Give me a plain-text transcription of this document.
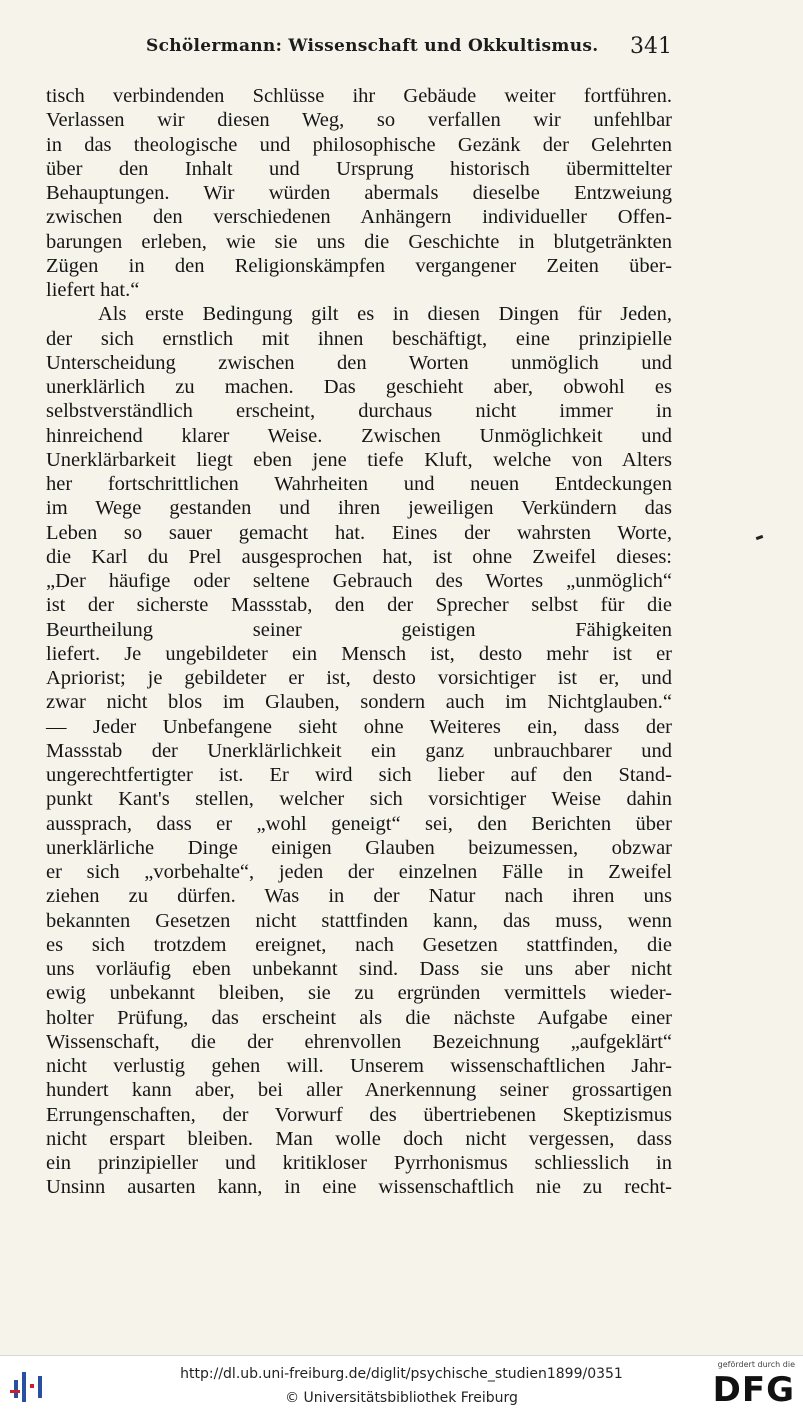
Schölermann: Wissenschaft und Okkultismus. 341
tisch verbindenden Schlüsse ihr Gebäude weiter fortführen.
Verlassen wir diesen Weg, so verfallen wir unfehlbar
in das theologische und philosophische Gezänk der Gelehrten
über den Inhalt und Ursprung historisch übermittelter
Behauptungen. Wir würden abermals dieselbe Entzweiung
zwischen den verschiedenen Anhängern individueller Offen-
barungen erleben, wie sie uns die Geschichte in blutgetränkten
Zügen in den Religionskämpfen vergangener Zeiten über-
liefert hat.“
Als erste Bedingung gilt es in diesen Dingen für Jeden,
der sich ernstlich mit ihnen beschäftigt, eine prinzipielle
Unterscheidung zwischen den Worten unmöglich und
unerklärlich zu machen. Das geschieht aber, obwohl es
selbstverständlich erscheint, durchaus nicht immer in
hinreichend klarer Weise. Zwischen Unmöglichkeit und
Unerklärbarkeit liegt eben jene tiefe Kluft, welche von Alters
her fortschrittlichen Wahrheiten und neuen Entdeckungen
im Wege gestanden und ihren jeweiligen Verkündern das
Leben so sauer gemacht hat. Eines der wahrsten Worte,
die Karl du Prel ausgesprochen hat, ist ohne Zweifel dieses:
„Der häufige oder seltene Gebrauch des Wortes „unmöglich“
ist der sicherste Massstab, den der Sprecher selbst für die
Beurtheilung seiner geistigen Fähigkeiten
liefert. Je ungebildeter ein Mensch ist, desto mehr ist er
Apriorist; je gebildeter er ist, desto vorsichtiger ist er, und
zwar nicht blos im Glauben, sondern auch im Nichtglauben.“
— Jeder Unbefangene sieht ohne Weiteres ein, dass der
Massstab der Unerklärlichkeit ein ganz unbrauchbarer und
ungerechtfertigter ist. Er wird sich lieber auf den Stand-
punkt Kant's stellen, welcher sich vorsichtiger Weise dahin
aussprach, dass er „wohl geneigt“ sei, den Berichten über
unerklärliche Dinge einigen Glauben beizumessen, obzwar
er sich „vorbehalte“, jeden der einzelnen Fälle in Zweifel
ziehen zu dürfen. Was in der Natur nach ihren uns
bekannten Gesetzen nicht stattfinden kann, das muss, wenn
es sich trotzdem ereignet, nach Gesetzen stattfinden, die
uns vorläufig eben unbekannt sind. Dass sie uns aber nicht
ewig unbekannt bleiben, sie zu ergründen vermittels wieder-
holter Prüfung, das erscheint als die nächste Aufgabe einer
Wissenschaft, die der ehrenvollen Bezeichnung „aufgeklärt“
nicht verlustig gehen will. Unserem wissenschaftlichen Jahr-
hundert kann aber, bei aller Anerkennung seiner grossartigen
Errungenschaften, der Vorwurf des übertriebenen Skeptizismus
nicht erspart bleiben. Man wolle doch nicht vergessen, dass
ein prinzipieller und kritikloser Pyrrhonismus schliesslich in
Unsinn ausarten kann, in eine wissenschaftlich nie zu recht-
http://dl.ub.uni-freiburg.de/diglit/psychische_studien1899/0351
© Universitätsbibliothek Freiburg
gefördert durch die
DFG
